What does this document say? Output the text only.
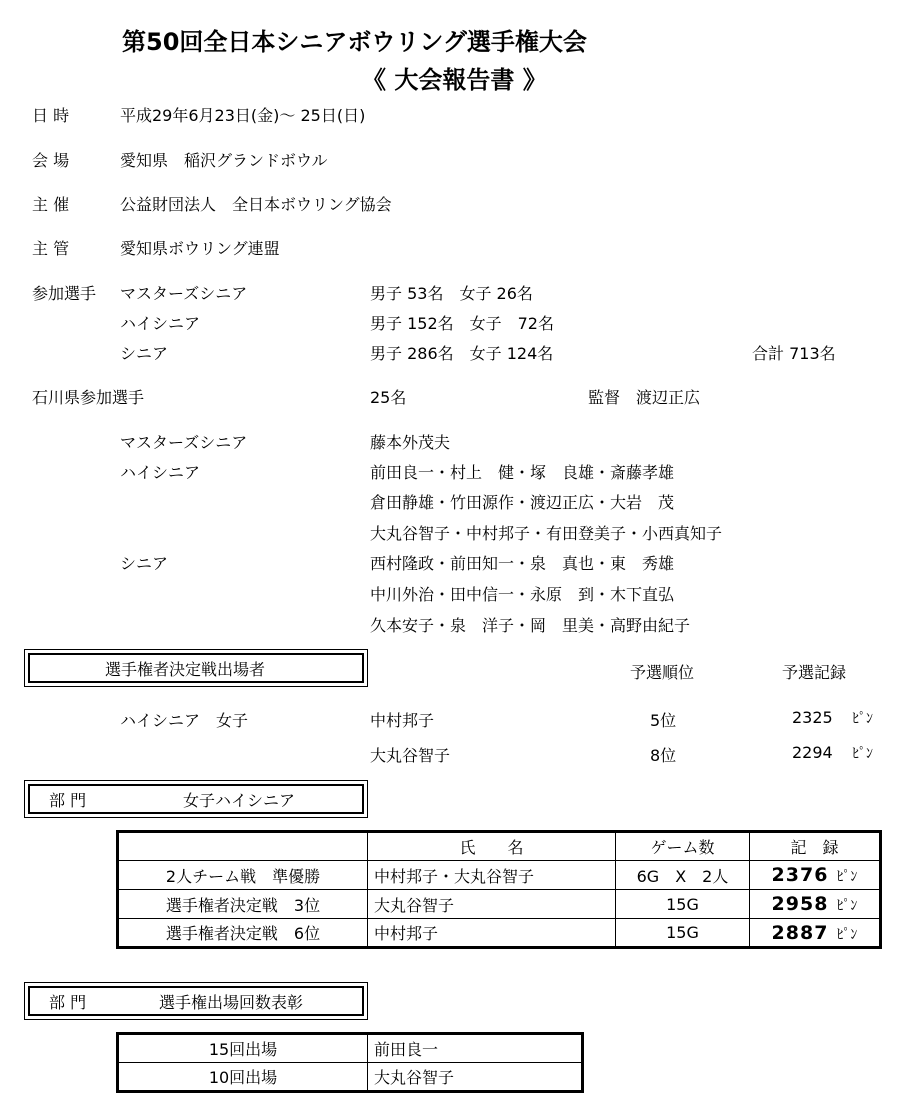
第50回全日本シニアボウリング選手権大会
《 大会報告書 》
日 時	平成29年6月23日(金)～ 25日(日)
会 場	愛知県　稲沢グランドボウル
主 催	公益財団法人　全日本ボウリング協会
主 管	愛知県ボウリング連盟
参加選手 マスターズシニア	男子 53名　女子 26名
ハイシニア	男子 152名　女子　72名
シニア	男子 286名　女子 124名	合計 713名
石川県参加選手	25名	監督　渡辺正広
マスターズシニア	藤本外茂夫
ハイシニア	前田良一・村上　健・塚　良雄・斎藤孝雄
倉田静雄・竹田源作・渡辺正広・大岩　茂
大丸谷智子・中村邦子・有田登美子・小西真知子
シニア	西村隆政・前田知一・泉　真也・東　秀雄
中川外治・田中信一・永原　到・木下直弘
久本安子・泉　洋子・岡　里美・高野由紀子
選手権者決定戦出場者	予選順位	予選記録
ハイシニア　女子	中村邦子	5位	2325 ﾋﾟﾝ
大丸谷智子	8位	2294 ﾋﾟﾝ
部 門	女子ハイシニア
	氏　　名	ゲーム数	記　録
2人チーム戦　準優勝	中村邦子・大丸谷智子	6G　X　2人	2376 ﾋﾟﾝ
選手権者決定戦　3位	大丸谷智子	15G	2958 ﾋﾟﾝ
選手権者決定戦　6位	中村邦子	15G	2887 ﾋﾟﾝ
部 門	選手権出場回数表彰
15回出場	前田良一
10回出場	大丸谷智子
